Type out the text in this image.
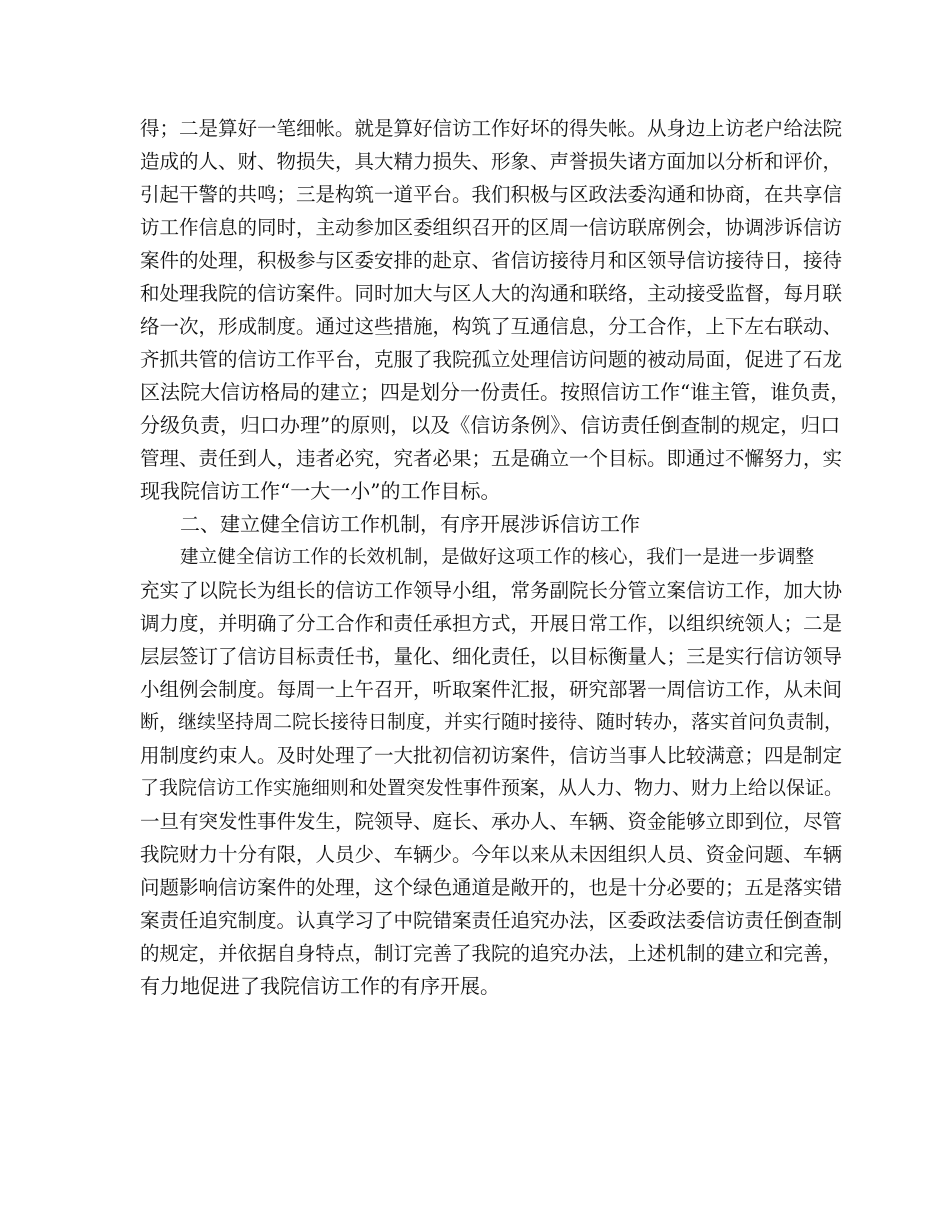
得；二是算好一笔细帐。就是算好信访工作好坏的得失帐。从身边上访老户给法院
造成的人、财、物损失，具大精力损失、形象、声誉损失诸方面加以分析和评价，
引起干警的共鸣；三是构筑一道平台。我们积极与区政法委沟通和协商，在共享信
访工作信息的同时，主动参加区委组织召开的区周一信访联席例会，协调涉诉信访
案件的处理，积极参与区委安排的赴京、省信访接待月和区领导信访接待日，接待
和处理我院的信访案件。同时加大与区人大的沟通和联络，主动接受监督，每月联
络一次，形成制度。通过这些措施，构筑了互通信息，分工合作，上下左右联动、
齐抓共管的信访工作平台，克服了我院孤立处理信访问题的被动局面，促进了石龙
区法院大信访格局的建立；四是划分一份责任。按照信访工作“谁主管，谁负责，
分级负责，归口办理”的原则，以及《信访条例》、信访责任倒查制的规定，归口
管理、责任到人，违者必究，究者必果；五是确立一个目标。即通过不懈努力，实
现我院信访工作“一大一小”的工作目标。
二、建立健全信访工作机制，有序开展涉诉信访工作
建立健全信访工作的长效机制，是做好这项工作的核心，我们一是进一步调整
充实了以院长为组长的信访工作领导小组，常务副院长分管立案信访工作，加大协
调力度，并明确了分工合作和责任承担方式，开展日常工作，以组织统领人；二是
层层签订了信访目标责任书，量化、细化责任，以目标衡量人；三是实行信访领导
小组例会制度。每周一上午召开，听取案件汇报，研究部署一周信访工作，从未间
断，继续坚持周二院长接待日制度，并实行随时接待、随时转办，落实首问负责制，
用制度约束人。及时处理了一大批初信初访案件，信访当事人比较满意；四是制定
了我院信访工作实施细则和处置突发性事件预案，从人力、物力、财力上给以保证。
一旦有突发性事件发生，院领导、庭长、承办人、车辆、资金能够立即到位，尽管
我院财力十分有限，人员少、车辆少。今年以来从未因组织人员、资金问题、车辆
问题影响信访案件的处理，这个绿色通道是敞开的，也是十分必要的；五是落实错
案责任追究制度。认真学习了中院错案责任追究办法，区委政法委信访责任倒查制
的规定，并依据自身特点，制订完善了我院的追究办法，上述机制的建立和完善，
有力地促进了我院信访工作的有序开展。
